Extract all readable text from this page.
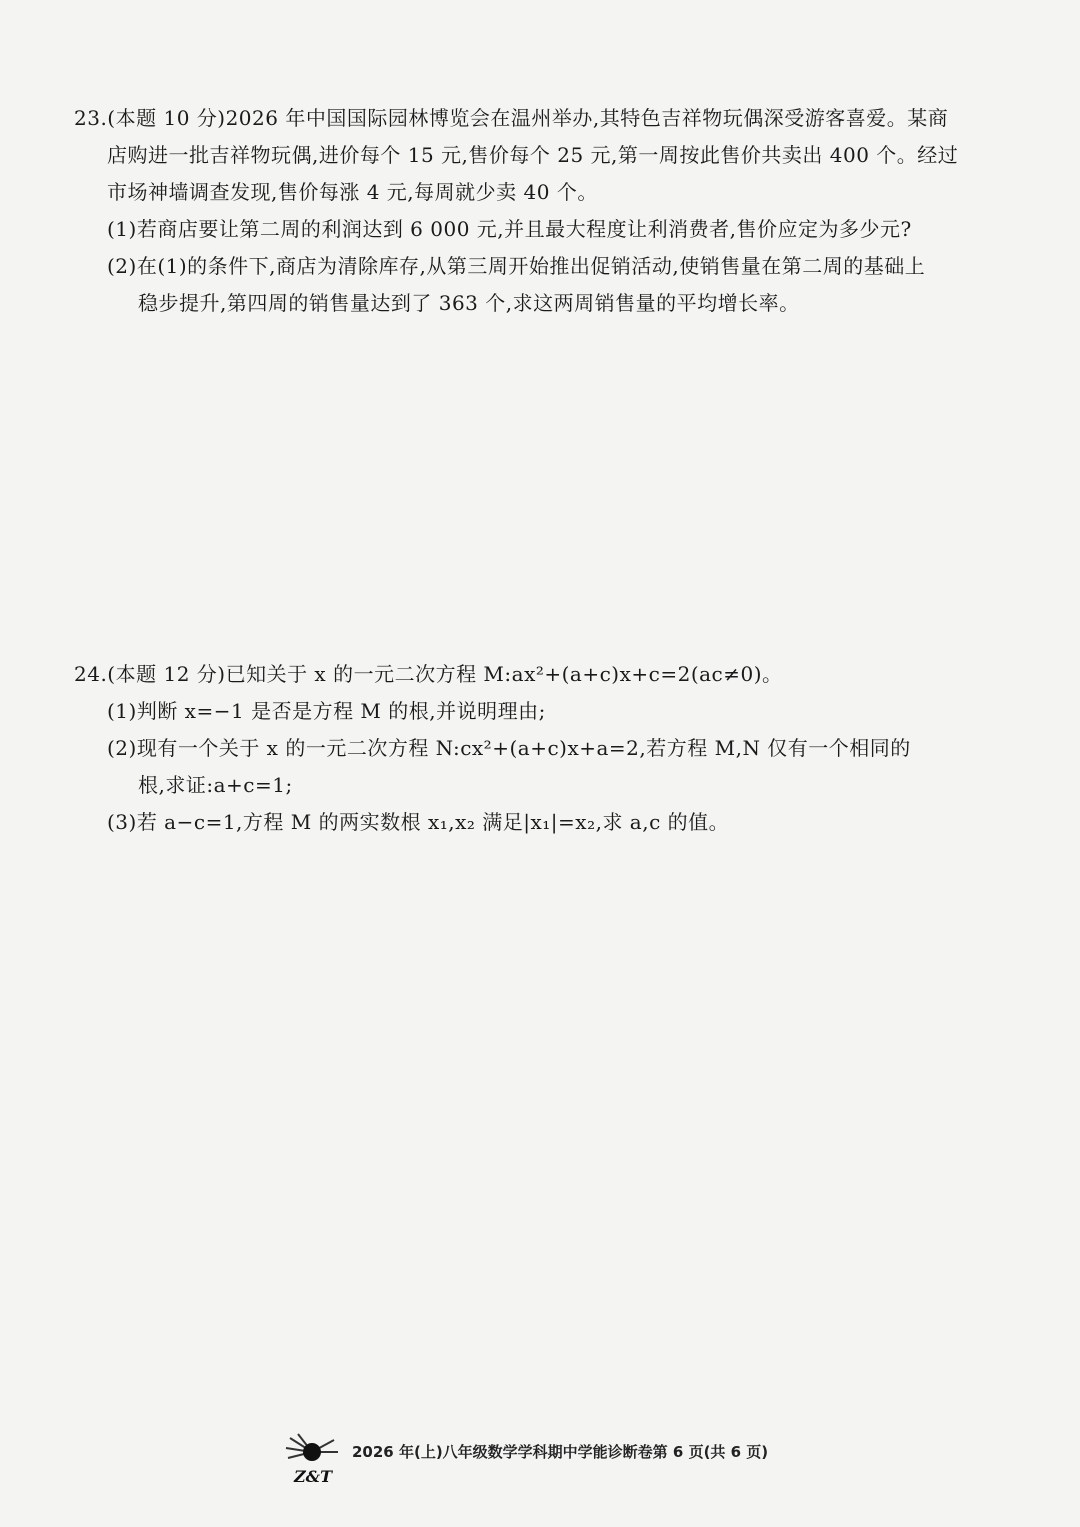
23.(本题 10 分)2026 年中国国际园林博览会在温州举办,其特色吉祥物玩偶深受游客喜爱。某商
店购进一批吉祥物玩偶,进价每个 15 元,售价每个 25 元,第一周按此售价共卖出 400 个。经过
市场神墙调查发现,售价每涨 4 元,每周就少卖 40 个。
(1)若商店要让第二周的利润达到 6 000 元,并且最大程度让利消费者,售价应定为多少元?
(2)在(1)的条件下,商店为清除库存,从第三周开始推出促销活动,使销售量在第二周的基础上
稳步提升,第四周的销售量达到了 363 个,求这两周销售量的平均增长率。
24.(本题 12 分)已知关于 x 的一元二次方程 M:ax²+(a+c)x+c=2(ac≠0)。
(1)判断 x=−1 是否是方程 M 的根,并说明理由;
(2)现有一个关于 x 的一元二次方程 N:cx²+(a+c)x+a=2,若方程 M,N 仅有一个相同的
根,求证:a+c=1;
(3)若 a−c=1,方程 M 的两实数根 x₁,x₂ 满足|x₁|=x₂,求 a,c 的值。
Z&T
2026 年(上)八年级数学学科期中学能诊断卷第 6 页(共 6 页)
